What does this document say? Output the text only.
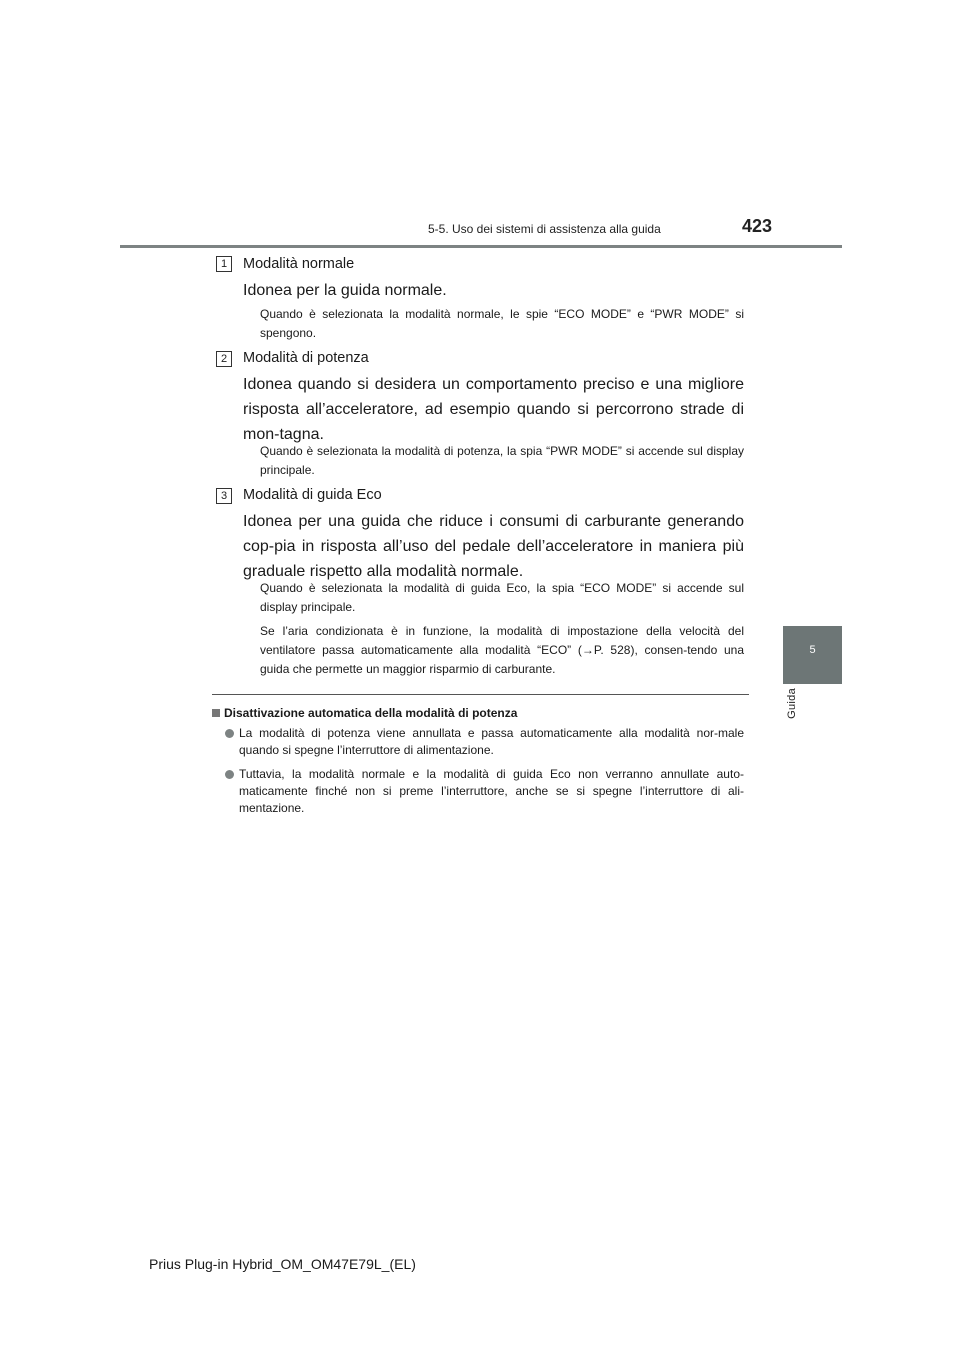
5-5. Uso dei sistemi di assistenza alla guida	423
5
Guida
1	Modalità normale
Idonea per la guida normale.
Quando è selezionata la modalità normale, le spie “ECO MODE” e “PWR MODE” si spengono.
2	Modalità di potenza
Idonea quando si desidera un comportamento preciso e una migliore risposta all’acceleratore, ad esempio quando si percorrono strade di mon-tagna.
Quando è selezionata la modalità di potenza, la spia “PWR MODE” si accende sul display principale.
3	Modalità di guida Eco
Idonea per una guida che riduce i consumi di carburante generando cop-pia in risposta all’uso del pedale dell’acceleratore in maniera più graduale rispetto alla modalità normale.
Quando è selezionata la modalità di guida Eco, la spia “ECO MODE” si accende sul display principale.
Se l’aria condizionata è in funzione, la modalità di impostazione della velocità del ventilatore passa automaticamente alla modalità “ECO” (→P. 528), consen-tendo una guida che permette un maggior risparmio di carburante.
Disattivazione automatica della modalità di potenza
La modalità di potenza viene annullata e passa automaticamente alla modalità nor-male quando si spegne l’interruttore di alimentazione.
Tuttavia, la modalità normale e la modalità di guida Eco non verranno annullate auto-maticamente finché non si preme l’interruttore, anche se si spegne l’interruttore di ali-mentazione.
Prius Plug-in Hybrid_OM_OM47E79L_(EL)
